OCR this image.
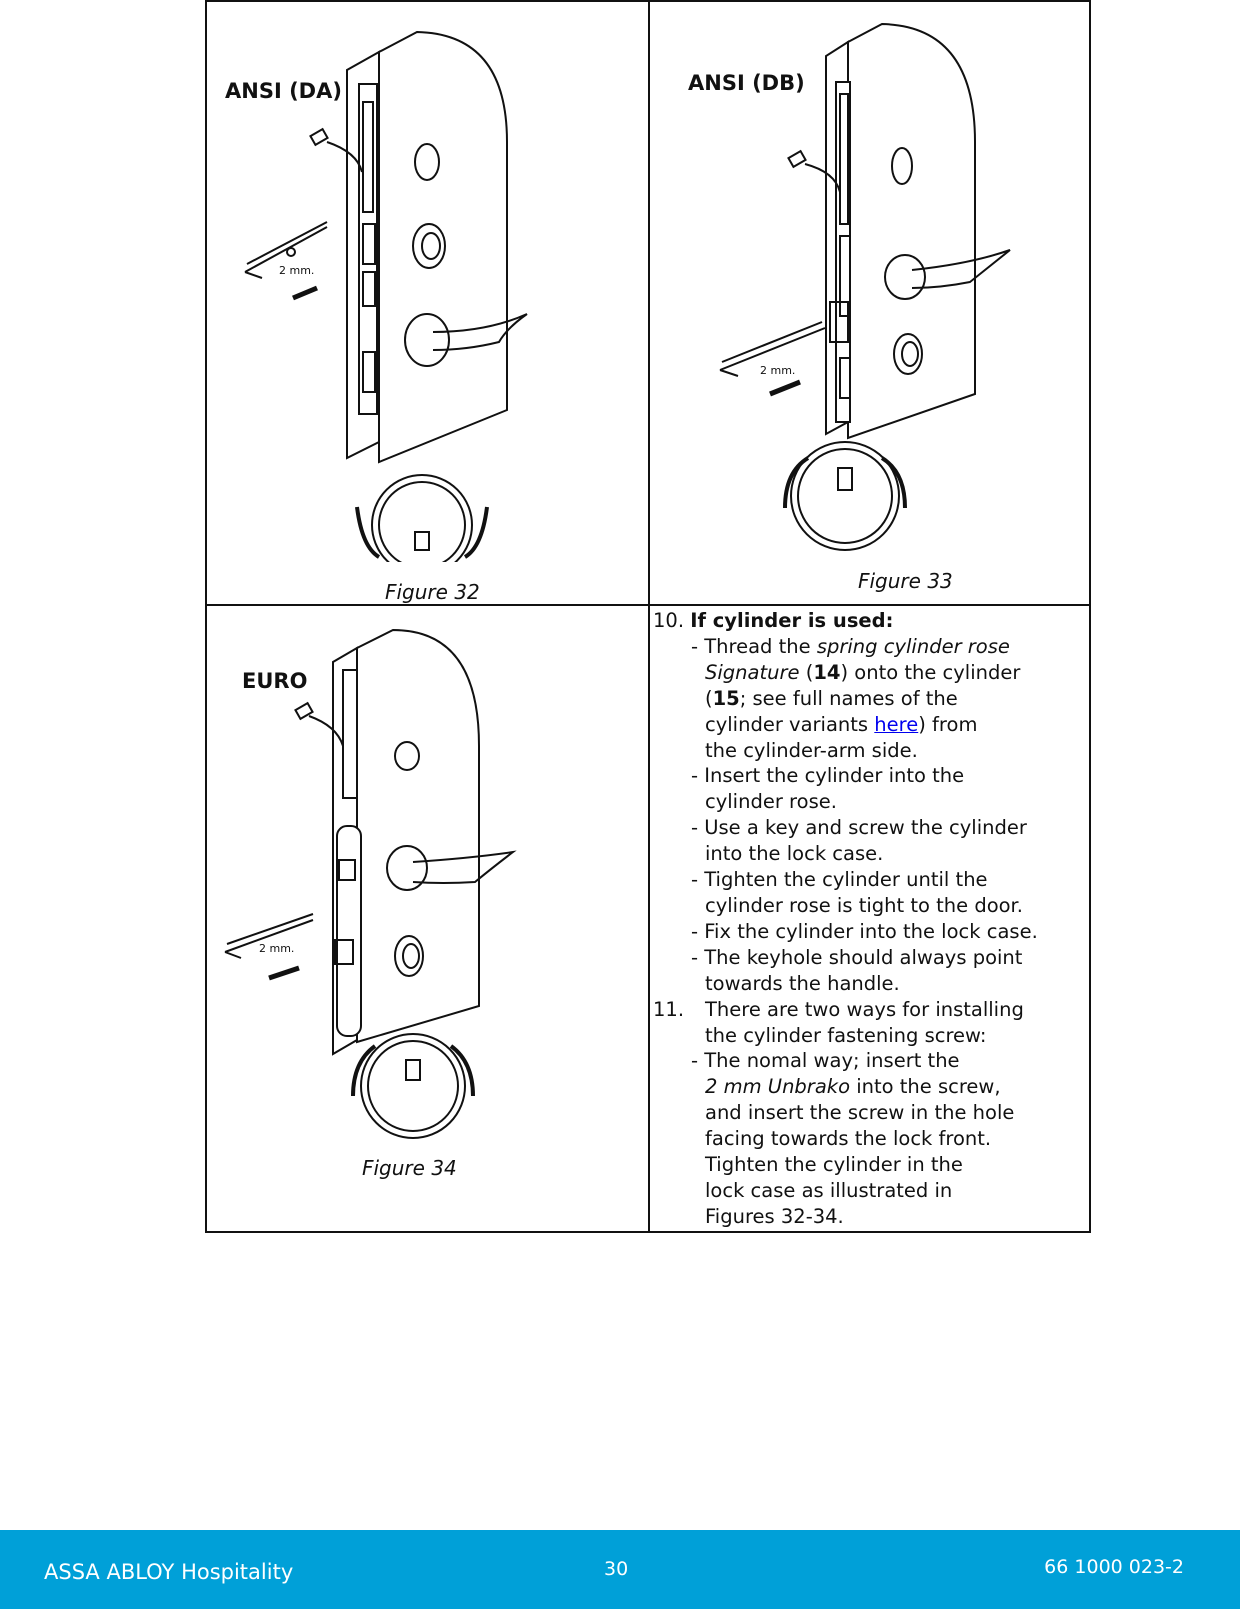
ANSI (DA)
2 mm.
Figure 32
ANSI (DB)
2 mm.
Figure 33
EURO
2 mm.
Figure 34
10. If cylinder is used:
- Thread the spring cylinder rose
Signature (14) onto the cylinder
(15; see full names of the
cylinder variants here) from
the cylinder-arm side.
- Insert the cylinder into the
cylinder rose.
- Use a key and screw the cylinder
into the lock case.
- Tighten the cylinder until the
cylinder rose is tight to the door.
- Fix the cylinder into the lock case.
- The keyhole should always point
towards the handle.
11. There are two ways for installing
the cylinder fastening screw:
- The nomal way; insert the
2 mm Unbrako into the screw,
and insert the screw in the hole
facing towards the lock front.
Tighten the cylinder in the
lock case as illustrated in
Figures 32-34.
ASSA ABLOY Hospitality	30	66 1000 023-2
